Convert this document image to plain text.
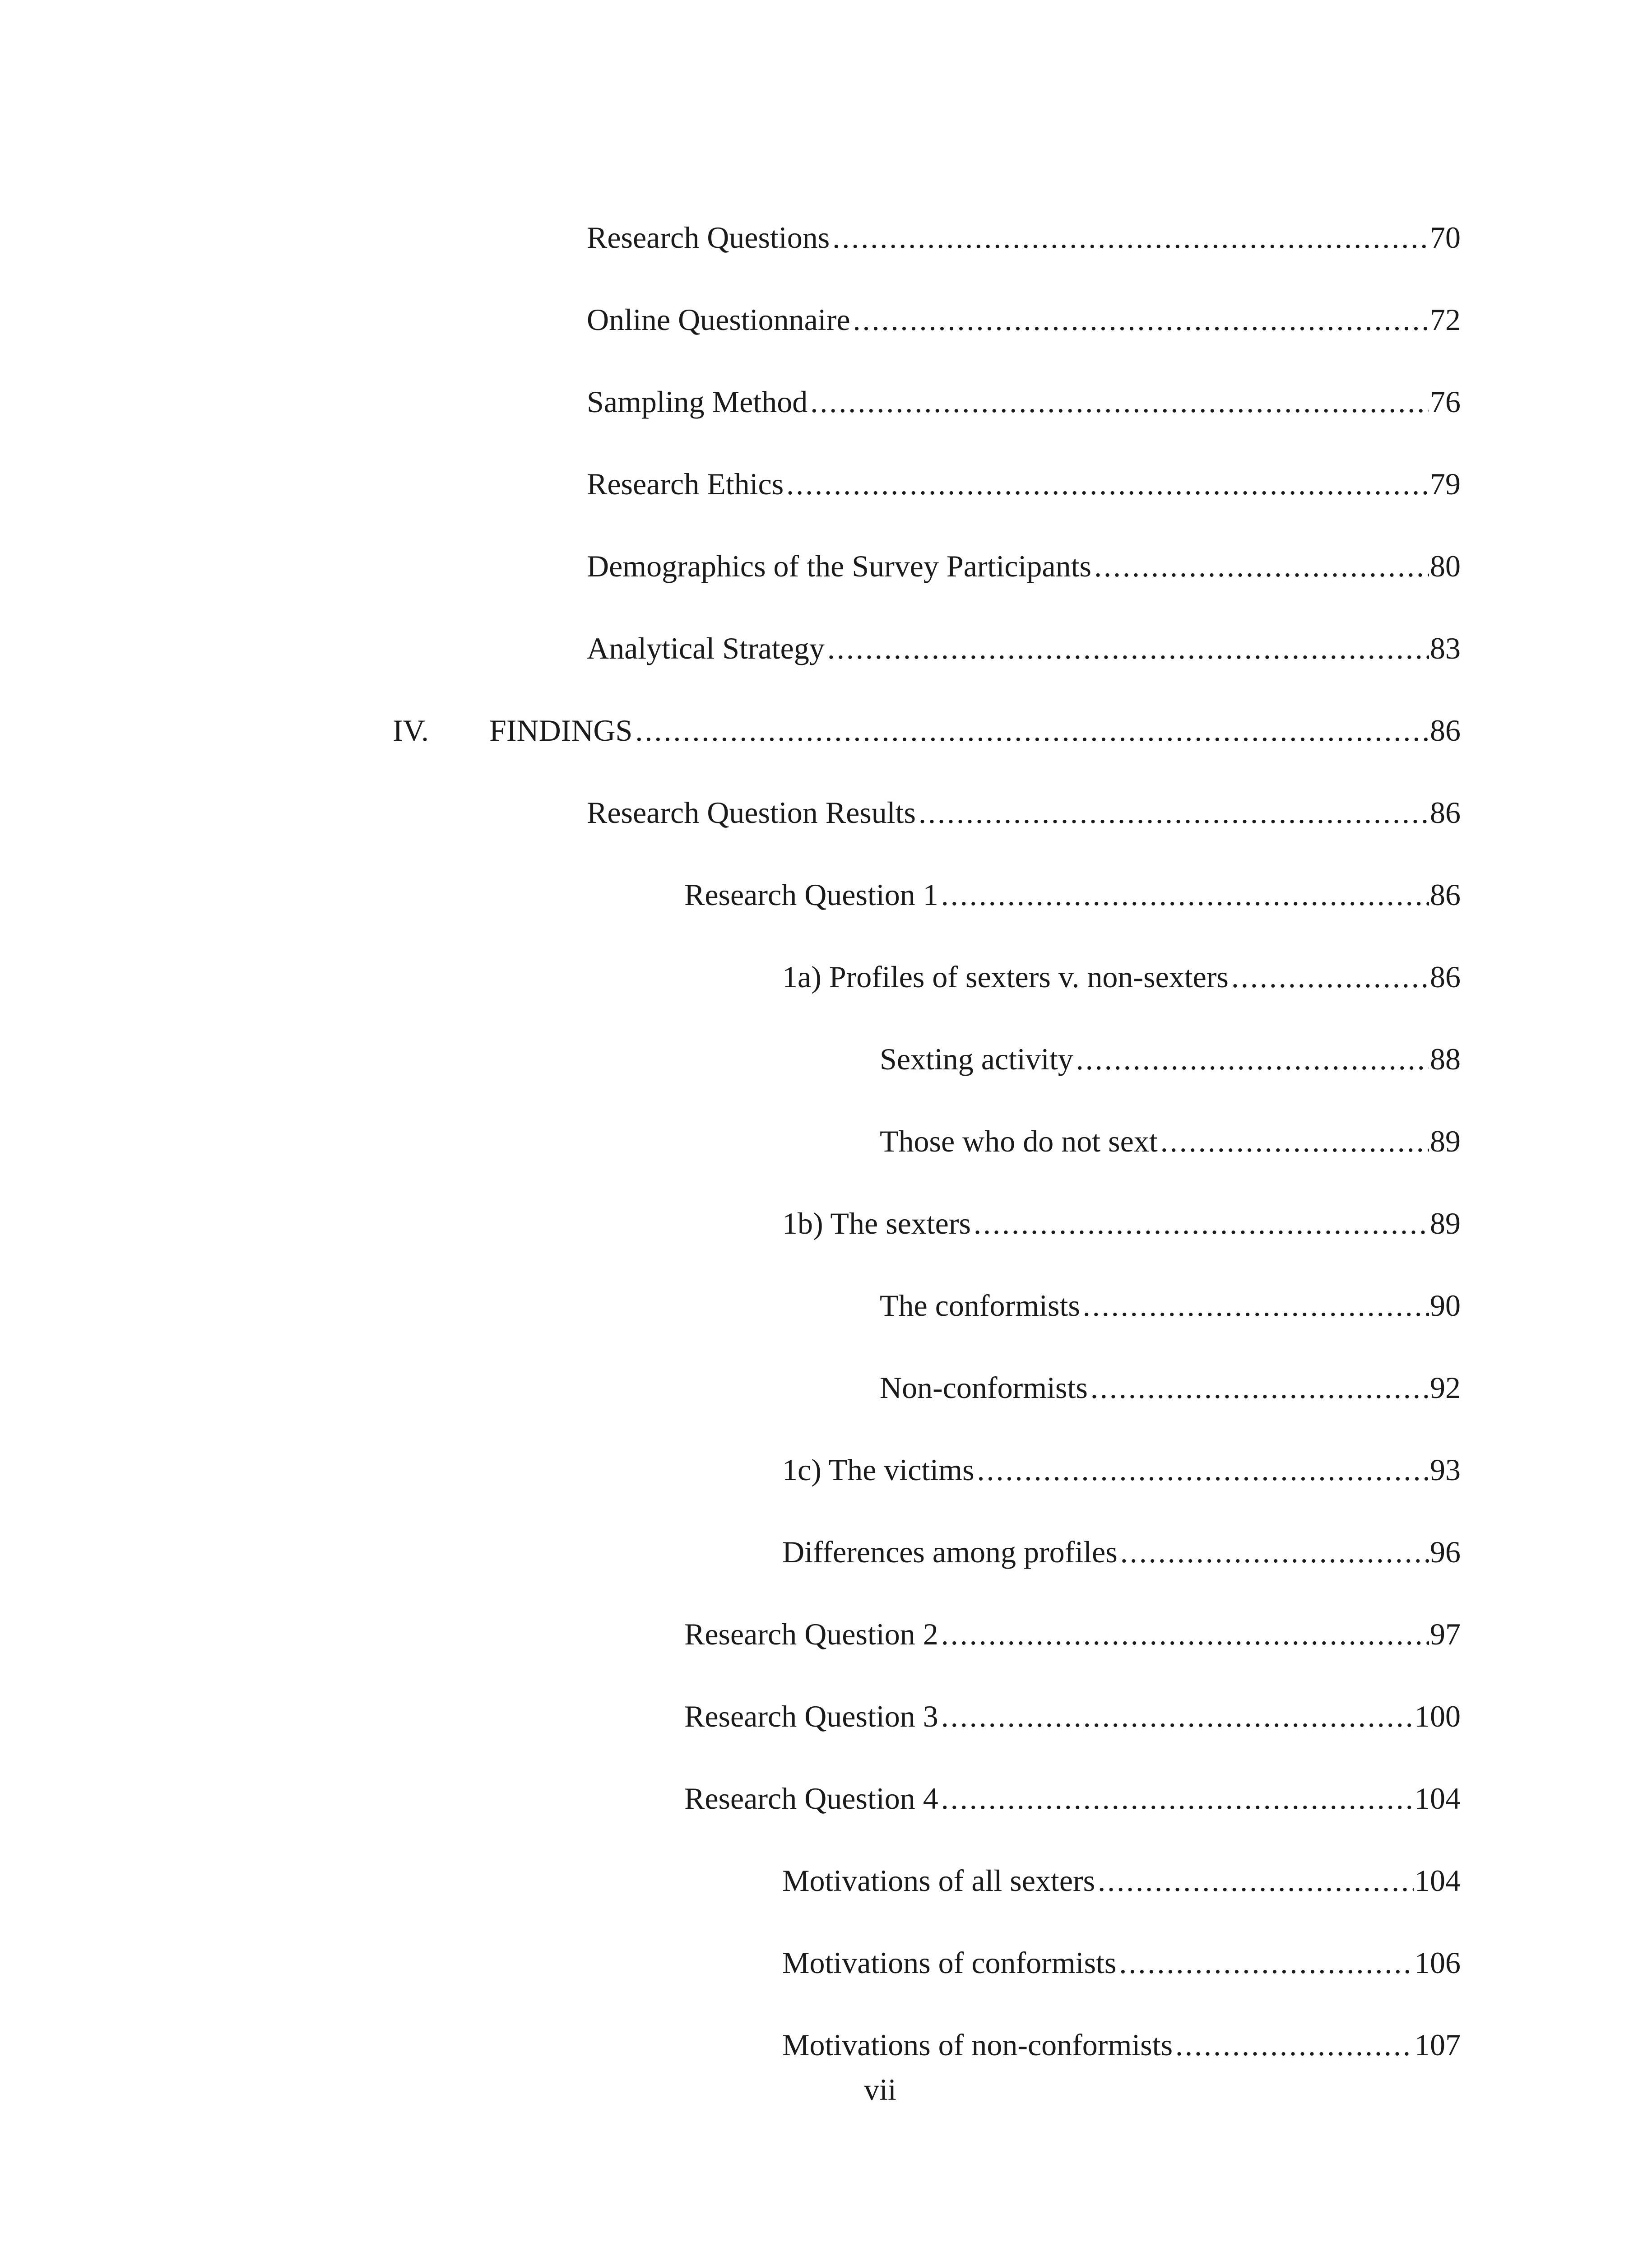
Research Questions .....	70
Online Questionnaire .....	72
Sampling Method .....	76
Research Ethics .....	79
Demographics of the Survey Participants .....	80
Analytical Strategy .....	83
IV. FINDINGS .....	86
Research Question Results .....	86
Research Question 1 .....	86
1a) Profiles of sexters v. non-sexters .....	86
Sexting activity .....	88
Those who do not sext .....	89
1b) The sexters .....	89
The conformists .....	90
Non-conformists .....	92
1c) The victims .....	93
Differences among profiles .....	96
Research Question 2 .....	97
Research Question 3 .....	100
Research Question 4 .....	104
Motivations of all sexters .....	104
Motivations of conformists .....	106
Motivations of non-conformists .....	107
vii
